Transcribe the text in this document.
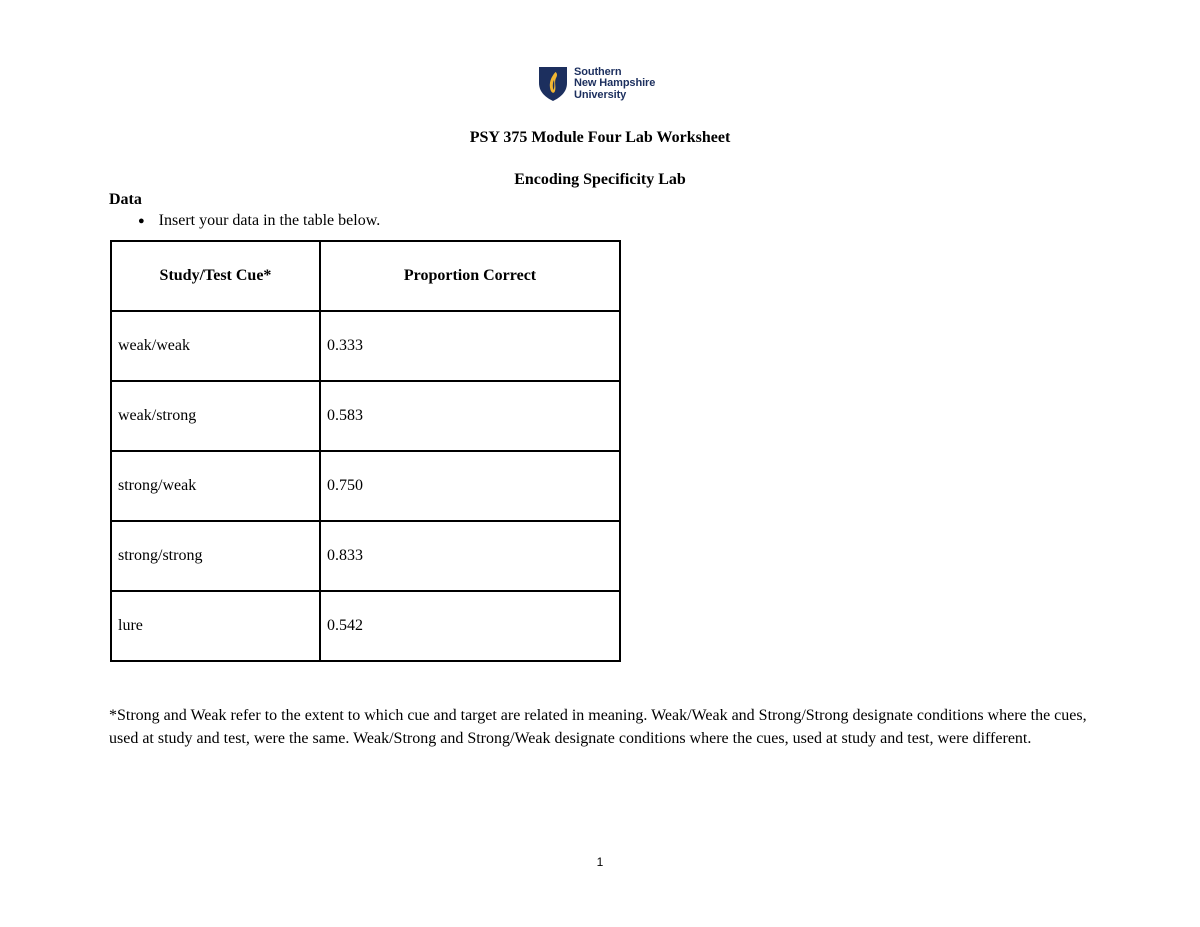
Southern
New Hampshire
University
PSY 375 Module Four Lab Worksheet
Encoding Specificity Lab
Data
● Insert your data in the table below.
Study/Test Cue*	Proportion Correct
weak/weak	0.333
weak/strong	0.583
strong/weak	0.750
strong/strong	0.833
lure	0.542
*Strong and Weak refer to the extent to which cue and target are related in meaning. Weak/Weak and Strong/Strong designate conditions where the cues, used at study and test, were the same. Weak/Strong and Strong/Weak designate conditions where the cues, used at study and test, were different.
1
